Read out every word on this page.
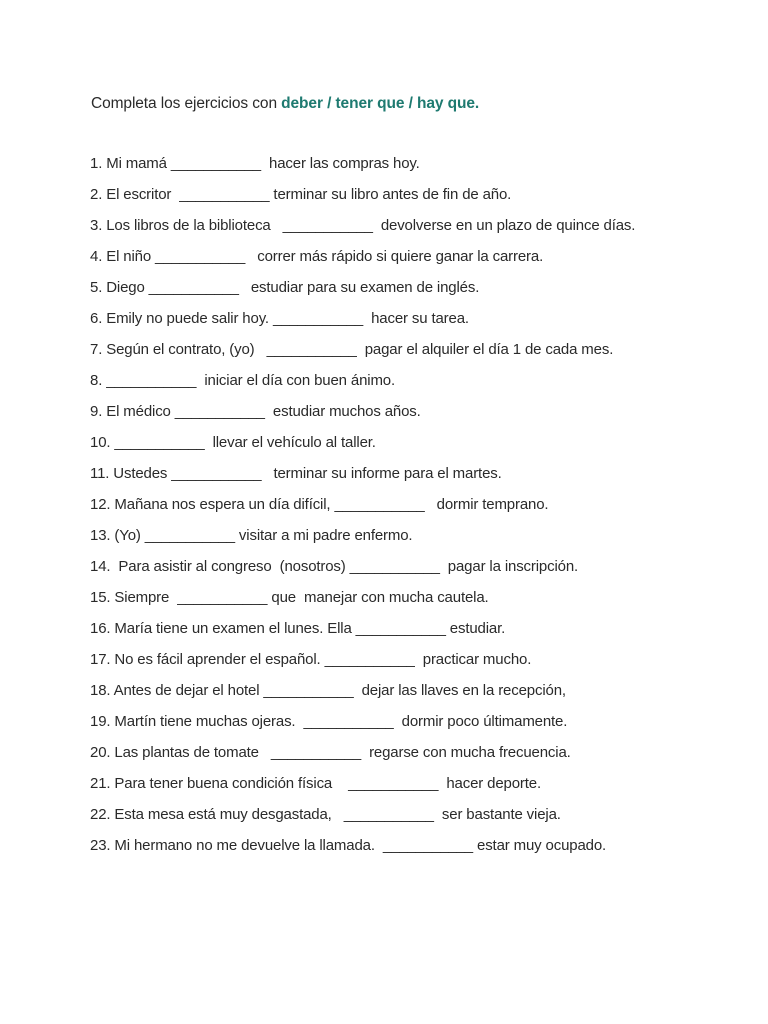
Completa los ejercicios con deber / tener que / hay que.
1. Mi mamá ___________  hacer las compras hoy.
2. El escritor  ___________ terminar su libro antes de fin de año.
3. Los libros de la biblioteca   ___________  devolverse en un plazo de quince días.
4. El niño ___________   correr más rápido si quiere ganar la carrera.
5. Diego ___________   estudiar para su examen de inglés.
6. Emily no puede salir hoy. ___________  hacer su tarea.
7. Según el contrato, (yo)   ___________  pagar el alquiler el día 1 de cada mes.
8. ___________  iniciar el día con buen ánimo.
9. El médico ___________  estudiar muchos años.
10. ___________  llevar el vehículo al taller.
11. Ustedes ___________   terminar su informe para el martes.
12. Mañana nos espera un día difícil, ___________   dormir temprano.
13. (Yo) ___________ visitar a mi padre enfermo.
14.  Para asistir al congreso  (nosotros) ___________  pagar la inscripción.
15. Siempre  ___________ que  manejar con mucha cautela.
16. María tiene un examen el lunes. Ella ___________ estudiar.
17. No es fácil aprender el español. ___________  practicar mucho.
18. Antes de dejar el hotel ___________  dejar las llaves en la recepción,
19. Martín tiene muchas ojeras.  ___________  dormir poco últimamente.
20. Las plantas de tomate   ___________  regarse con mucha frecuencia.
21. Para tener buena condición física    ___________  hacer deporte.
22. Esta mesa está muy desgastada,   ___________  ser bastante vieja.
23. Mi hermano no me devuelve la llamada.  ___________ estar muy ocupado.
